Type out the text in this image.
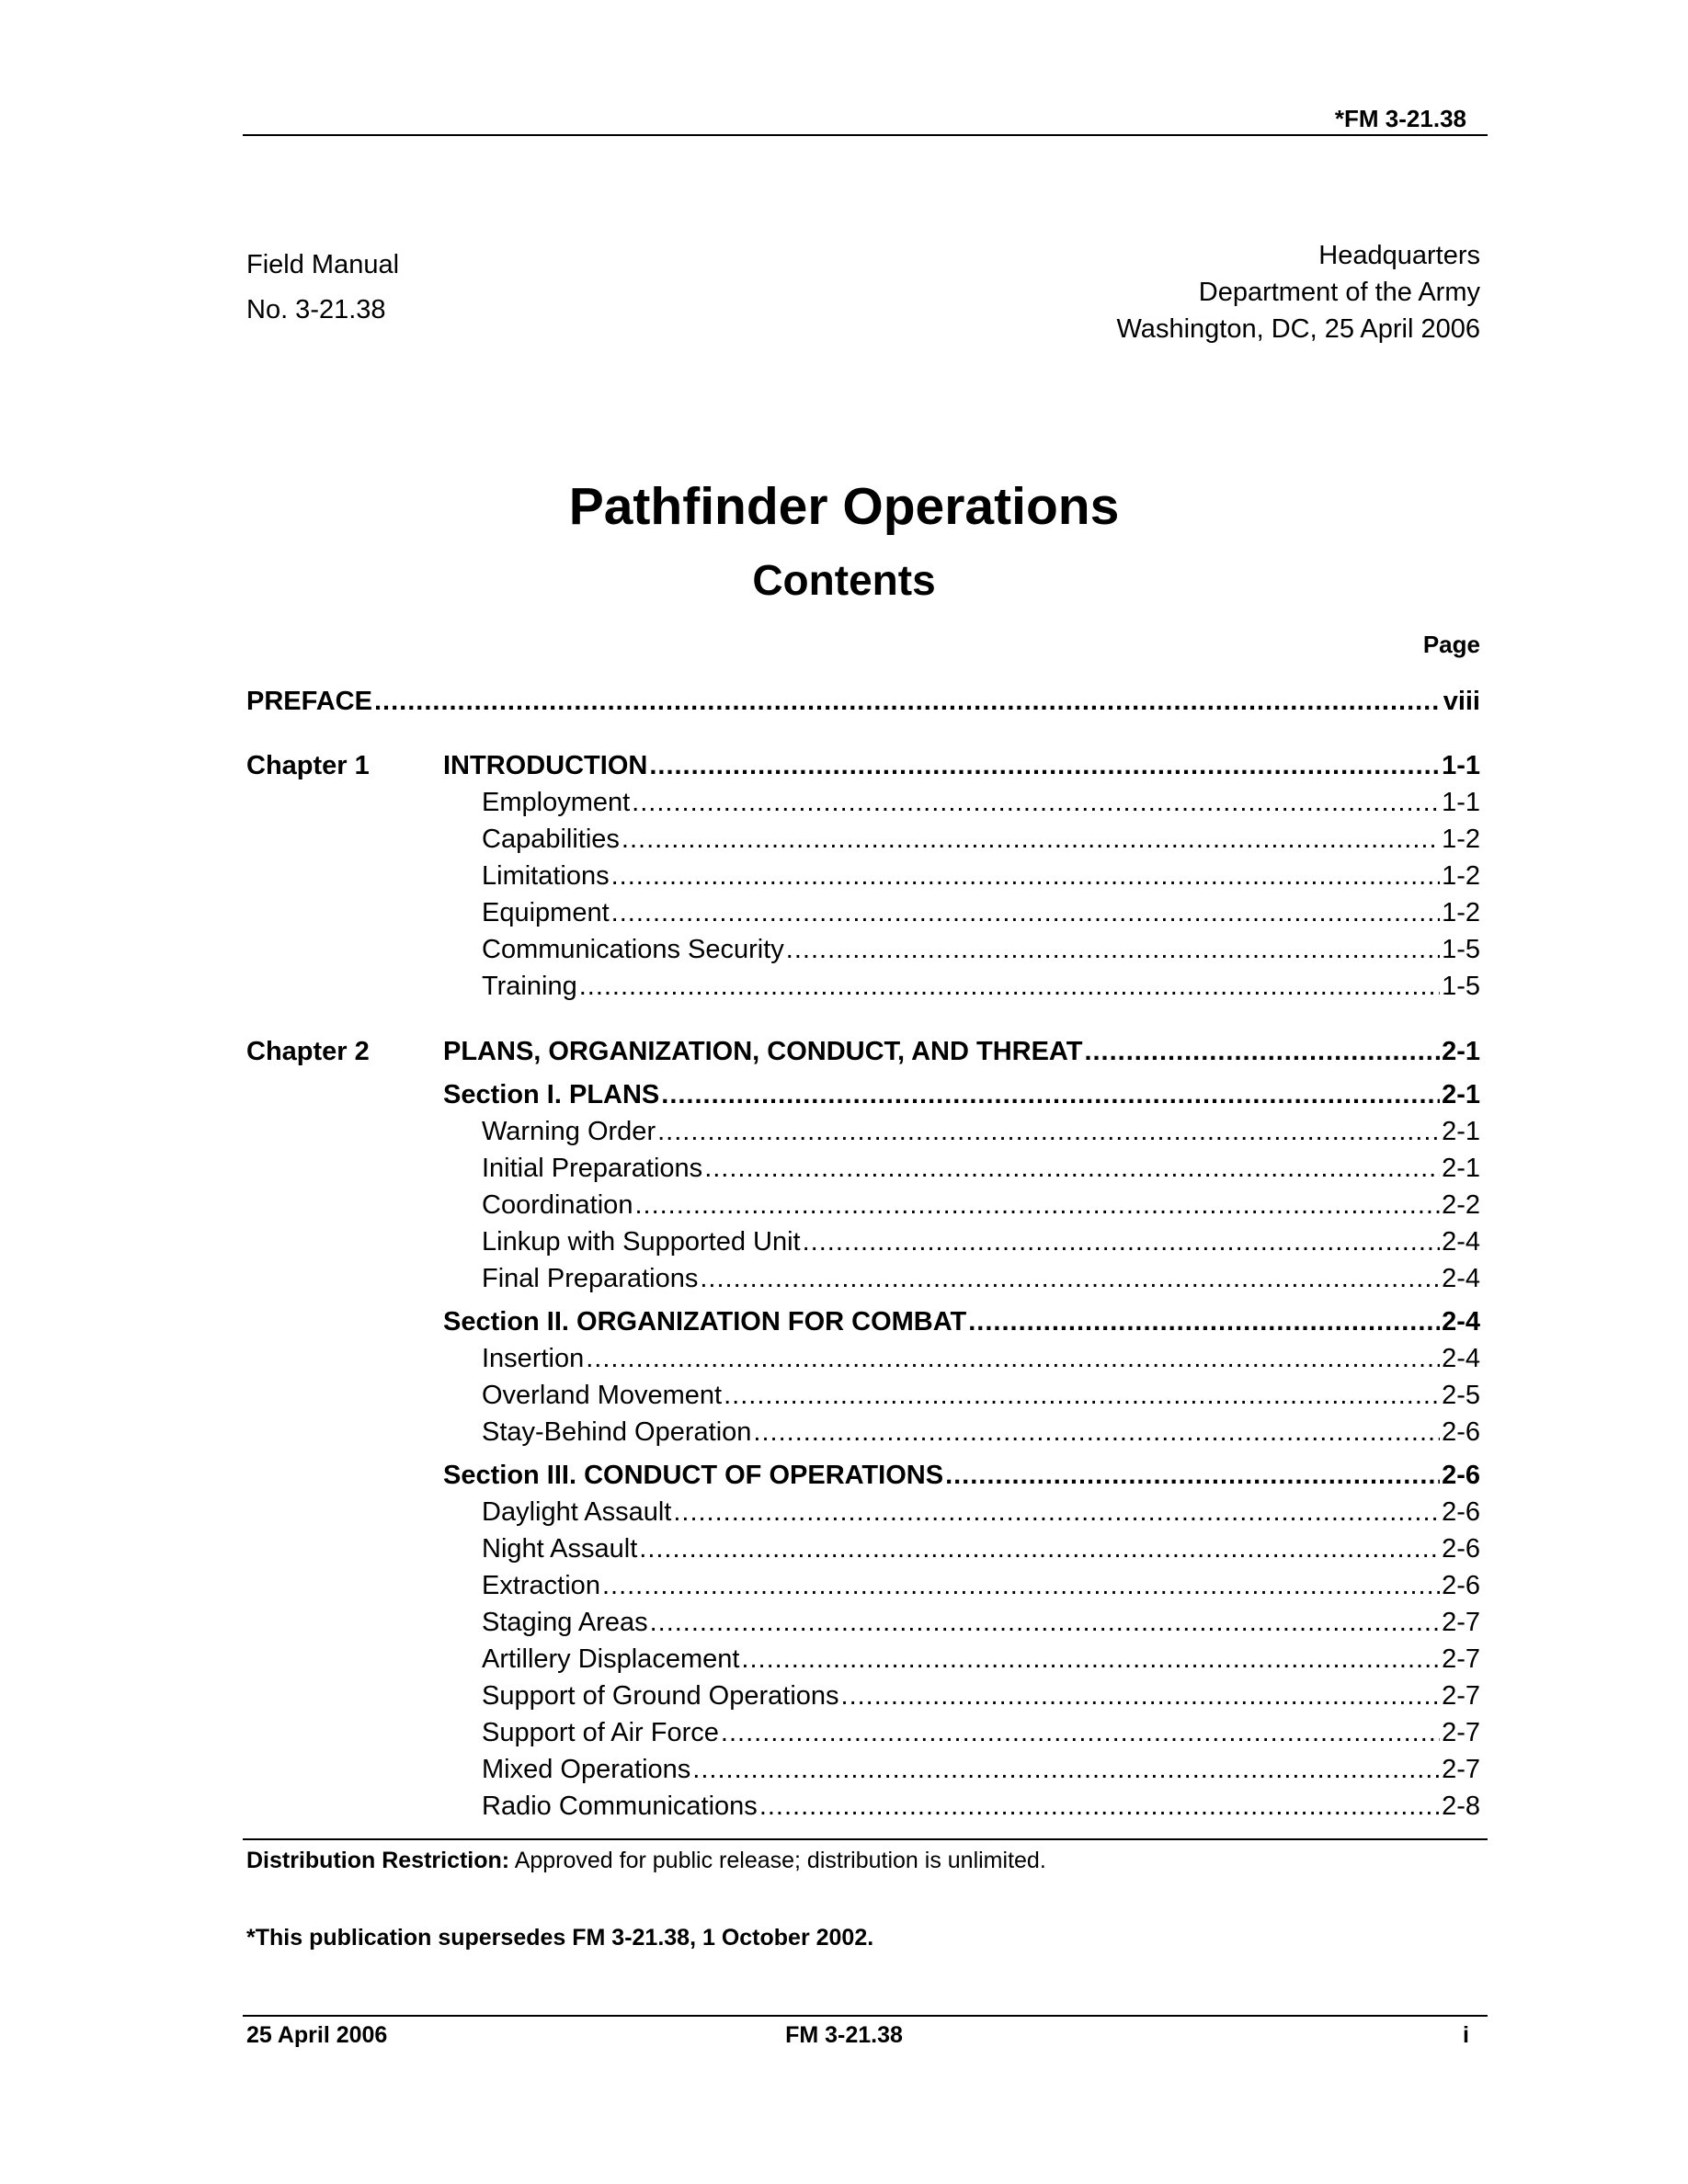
*FM 3-21.38
Field Manual
No. 3-21.38
Headquarters
Department of the Army
Washington, DC, 25 April 2006
Pathfinder Operations
Contents
Page
PREFACE .....	viii
Chapter 1	INTRODUCTION .....	1-1
Employment .....	1-1
Capabilities .....	1-2
Limitations .....	1-2
Equipment .....	1-2
Communications Security .....	1-5
Training .....	1-5
Chapter 2	PLANS, ORGANIZATION, CONDUCT, AND THREAT .....	2-1
Section I. PLANS .....	2-1
Warning Order .....	2-1
Initial Preparations .....	2-1
Coordination .....	2-2
Linkup with Supported Unit .....	2-4
Final Preparations .....	2-4
Section II. ORGANIZATION FOR COMBAT .....	2-4
Insertion .....	2-4
Overland Movement .....	2-5
Stay-Behind Operation .....	2-6
Section III. CONDUCT OF OPERATIONS .....	2-6
Daylight Assault .....	2-6
Night Assault .....	2-6
Extraction .....	2-6
Staging Areas .....	2-7
Artillery Displacement .....	2-7
Support of Ground Operations .....	2-7
Support of Air Force .....	2-7
Mixed Operations .....	2-7
Radio Communications .....	2-8
Distribution Restriction: Approved for public release; distribution is unlimited.
*This publication supersedes FM 3-21.38, 1 October 2002.
25 April 2006	FM 3-21.38	i
